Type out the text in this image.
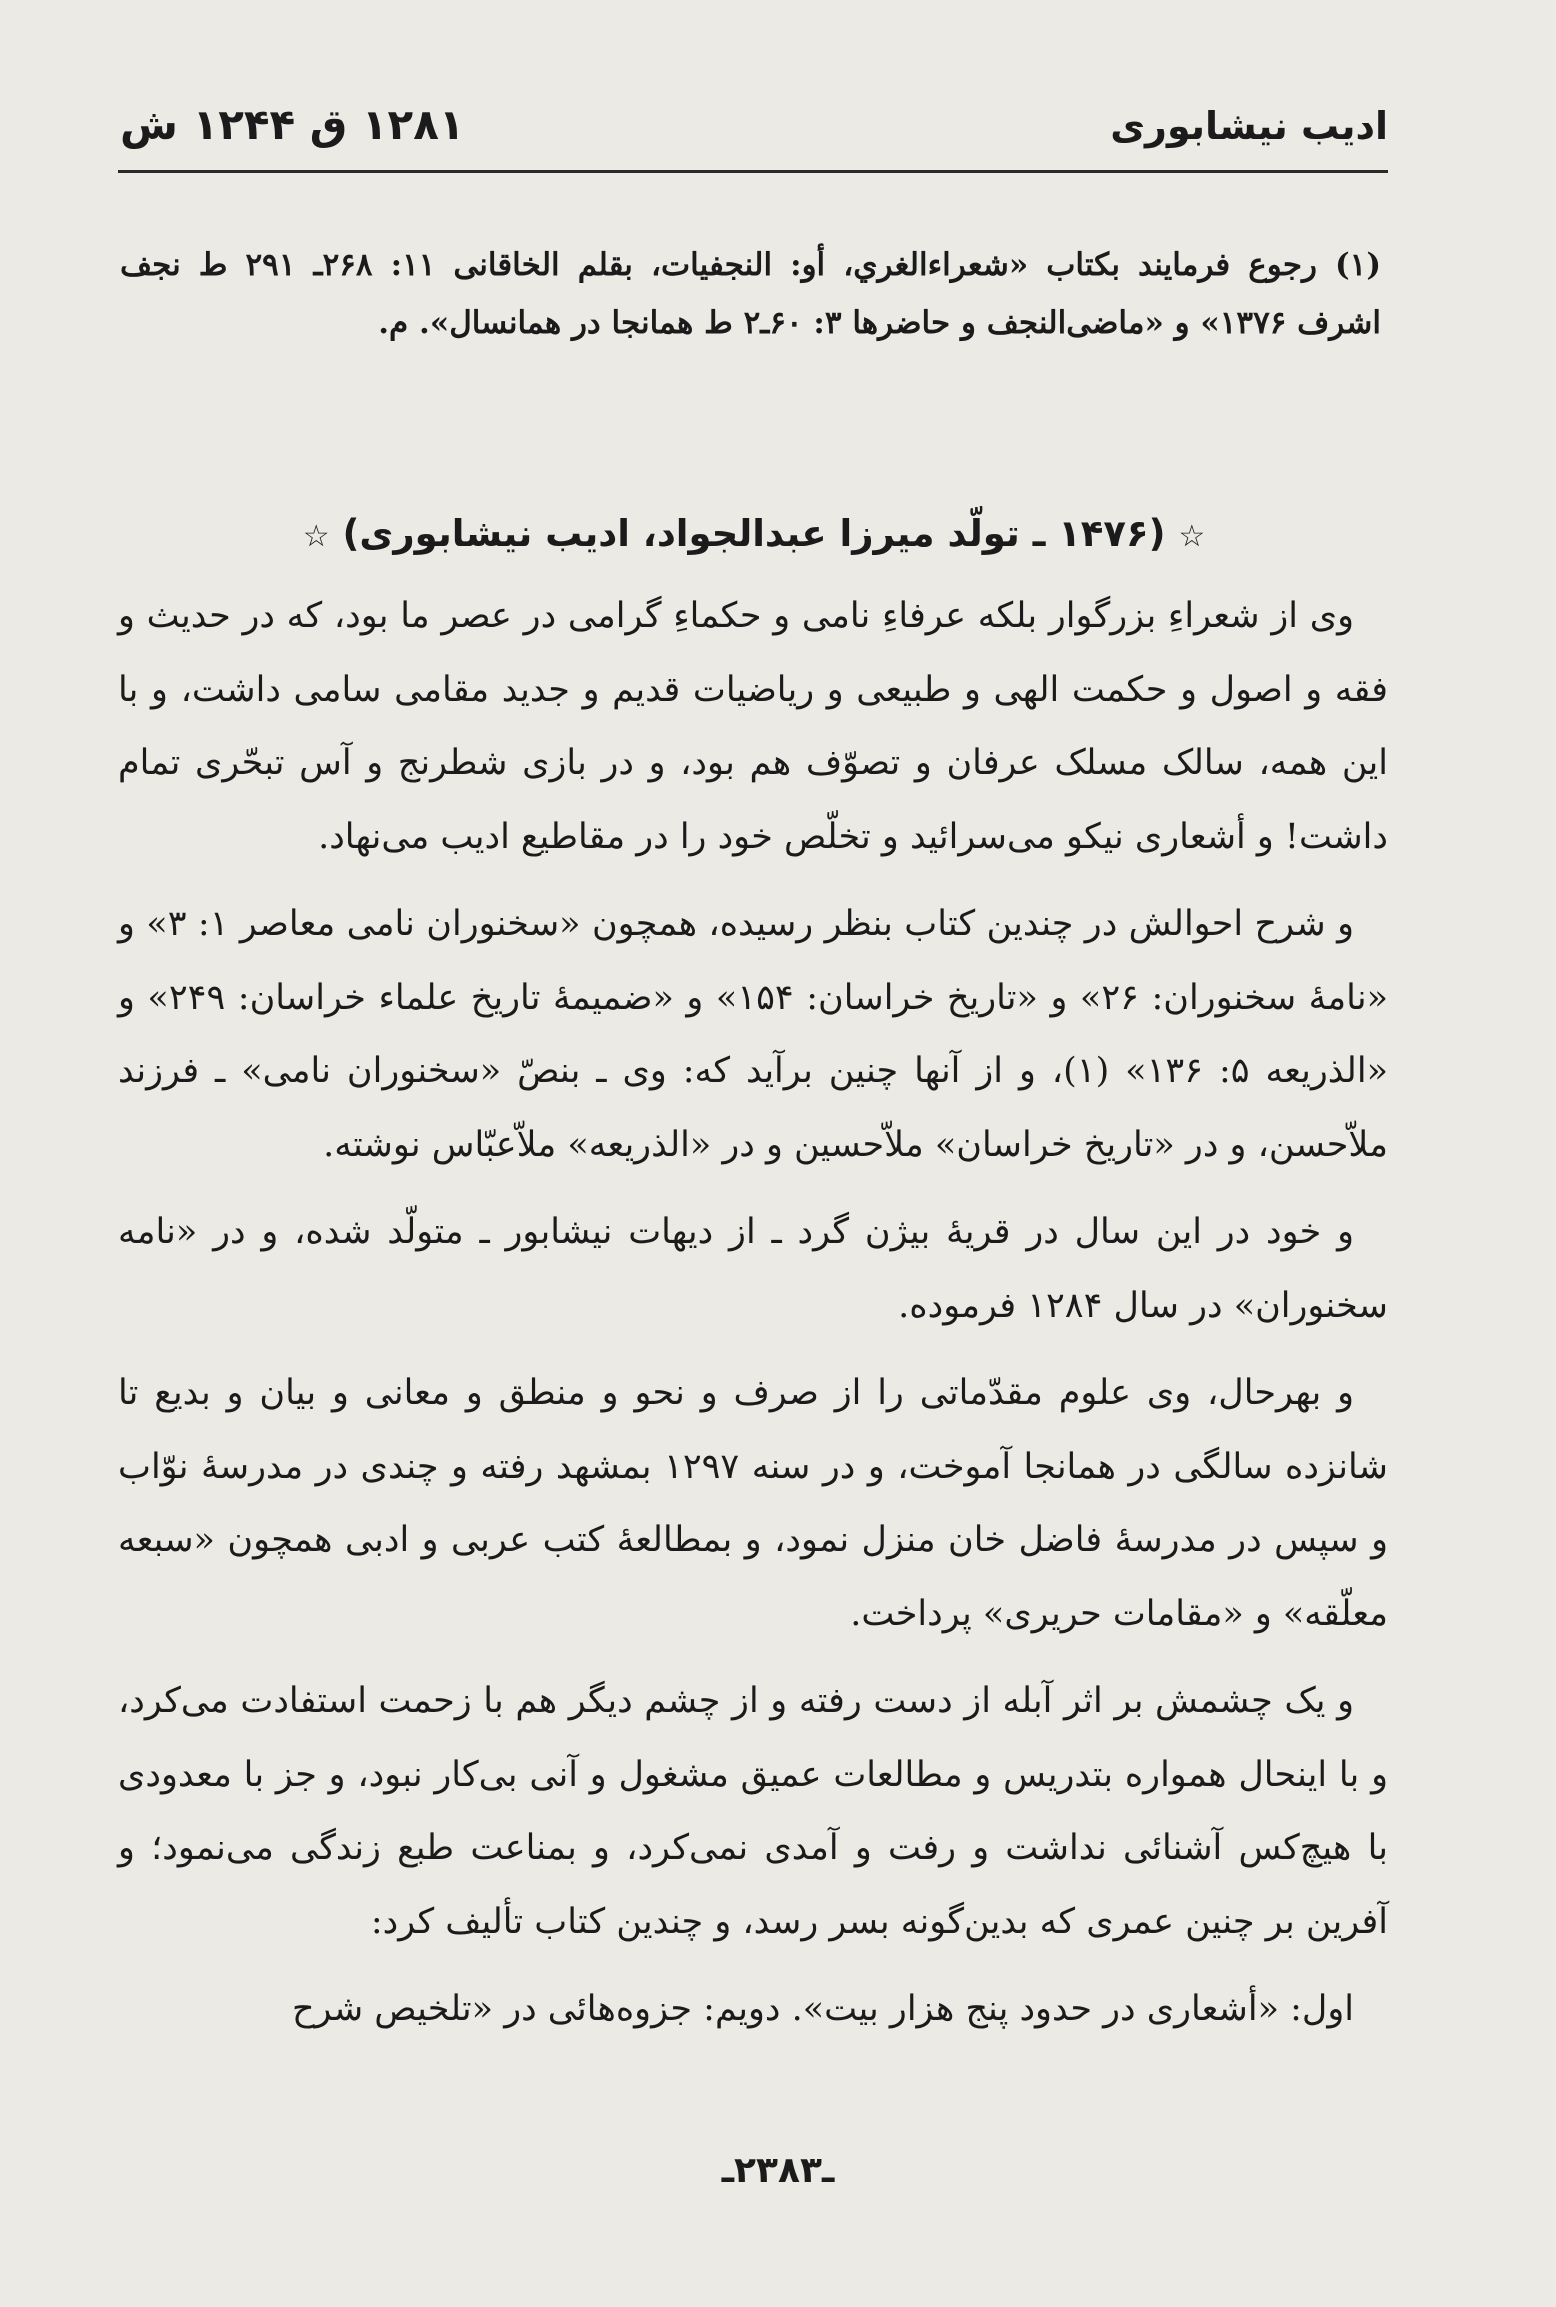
ادیب نیشابوری
۱۲۸۱ ق ۱۲۴۴ ش
(۱) رجوع فرمایند بکتاب «شعراءالغري، أو: النجفيات، بقلم الخاقانی ۱۱: ۲۶۸ـ ۲۹۱ ط نجف اشرف ۱۳۷۶» و «ماضی‌النجف و حاضرها ۳: ۶۰ـ۲ ط همانجا در همانسال». م.
☆ (۱۴۷۶ ـ تولّد میرزا عبدالجواد، ادیب نیشابوری) ☆

وی از شعراءِ بزرگوار بلکه عرفاءِ نامی و حکماءِ گرامی در عصر ما بود، که در حدیث و فقه و اصول و حکمت الهی و طبیعی و ریاضیات قدیم و جدید مقامی سامی داشت، و با این همه، سالک مسلک عرفان و تصوّف هم بود، و در بازی شطرنج و آس تبحّری تمام داشت! و أشعاری نیکو می‌سرائید و تخلّص خود را در مقاطیع ادیب می‌نهاد.

و شرح احوالش در چندین کتاب بنظر رسیده، همچون «سخنوران نامی معاصر ۱: ۳» و «نامهٔ سخنوران: ۲۶» و «تاریخ خراسان: ۱۵۴» و «ضمیمهٔ تاریخ علماء خراسان: ۲۴۹» و «الذریعه ۵: ۱۳۶» (۱)، و از آنها چنین برآید که: وی ـ بنصّ «سخنوران نامی» ـ فرزند ملاّحسن، و در «تاریخ خراسان» ملاّحسین و در «الذریعه» ملاّعبّاس نوشته.

و خود در این سال در قریهٔ بیژن گرد ـ از دیهات نیشابور ـ متولّد شده، و در «نامه سخنوران» در سال ۱۲۸۴ فرموده.

و بهرحال، وی علوم مقدّماتی را از صرف و نحو و منطق و معانی و بیان و بدیع تا شانزده سالگی در همانجا آموخت، و در سنه ۱۲۹۷ بمشهد رفته و چندی در مدرسهٔ نوّاب و سپس در مدرسهٔ فاضل خان منزل نمود، و بمطالعهٔ کتب عربی و ادبی همچون «سبعه معلّقه» و «مقامات حریری» پرداخت.

و یک چشمش بر اثر آبله از دست رفته و از چشم دیگر هم با زحمت استفادت می‌کرد، و با اینحال همواره بتدریس و مطالعات عمیق مشغول و آنی بی‌کار نبود، و جز با معدودی با هیچ‌کس آشنائی نداشت و رفت و آمدی نمی‌کرد، و بمناعت طبع زندگی می‌نمود؛ و آفرین بر چنین عمری که بدین‌گونه بسر رسد، و چندین کتاب تألیف کرد:

اول: «أشعاری در حدود پنج هزار بیت». دویم: جزوه‌هائی در «تلخیص شرح

ـ۲۳۸۳ـ
